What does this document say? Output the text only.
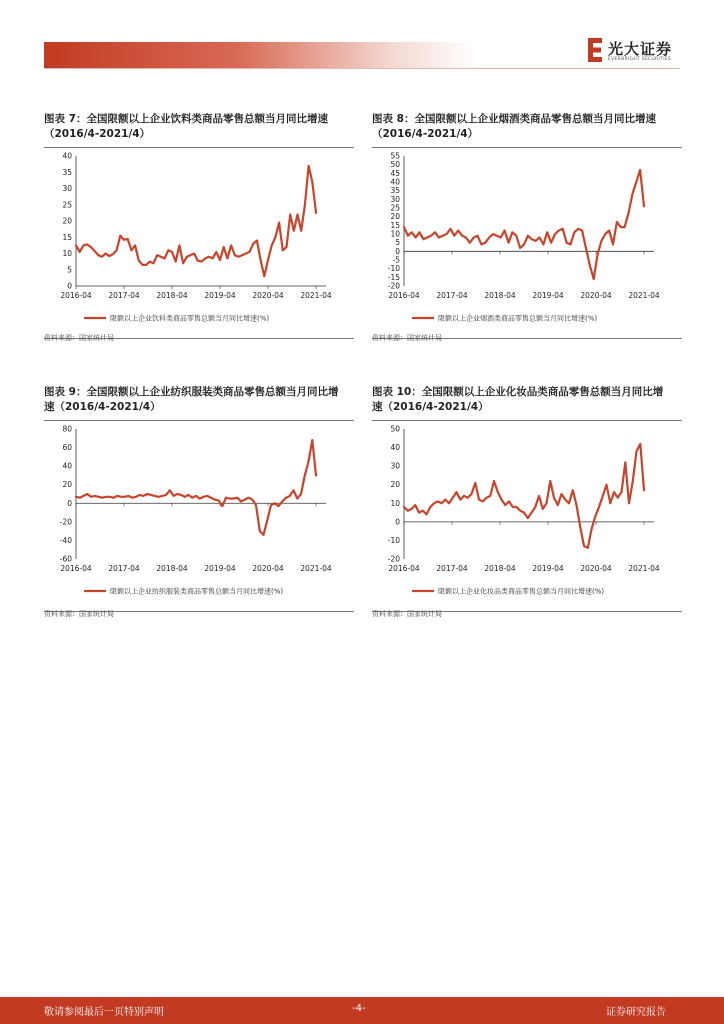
光大证券
EVERBRIGHT SECURITIES
图表 7：全国限额以上企业饮料类商品零售总额当月同比增速（2016/4-2021/4）
0
5
10
15
20
25
30
35
40
2016-04 2017-04 2018-04 2019-04 2020-04 2021-04
限额以上企业饮料类商品零售总额当月同比增速(%)
资料来源：国家统计局
图表 8：全国限额以上企业烟酒类商品零售总额当月同比增速（2016/4-2021/4）
-20
-15
-10
-5
0
5
10
15
20
25
30
35
40
45
50
55
2016-04 2017-04 2018-04 2019-04 2020-04 2021-04
限额以上企业烟酒类商品零售总额当月同比增速(%)
资料来源：国家统计局
图表 9：全国限额以上企业纺织服装类商品零售总额当月同比增速（2016/4-2021/4）
-60
-40
-20
0
20
40
60
80
2016-04 2017-04 2018-04 2019-04 2020-04 2021-04
限额以上企业纺织服装类商品零售总额当月同比增速(%)
资料来源：国家统计局
图表 10：全国限额以上企业化妆品类商品零售总额当月同比增速（2016/4-2021/4）
-20
-10
0
10
20
30
40
50
2016-04 2017-04 2018-04 2019-04 2020-04 2021-04
限额以上企业化妆品类商品零售总额当月同比增速(%)
资料来源：国家统计局
敬请参阅最后一页特别声明	-4-	证券研究报告
